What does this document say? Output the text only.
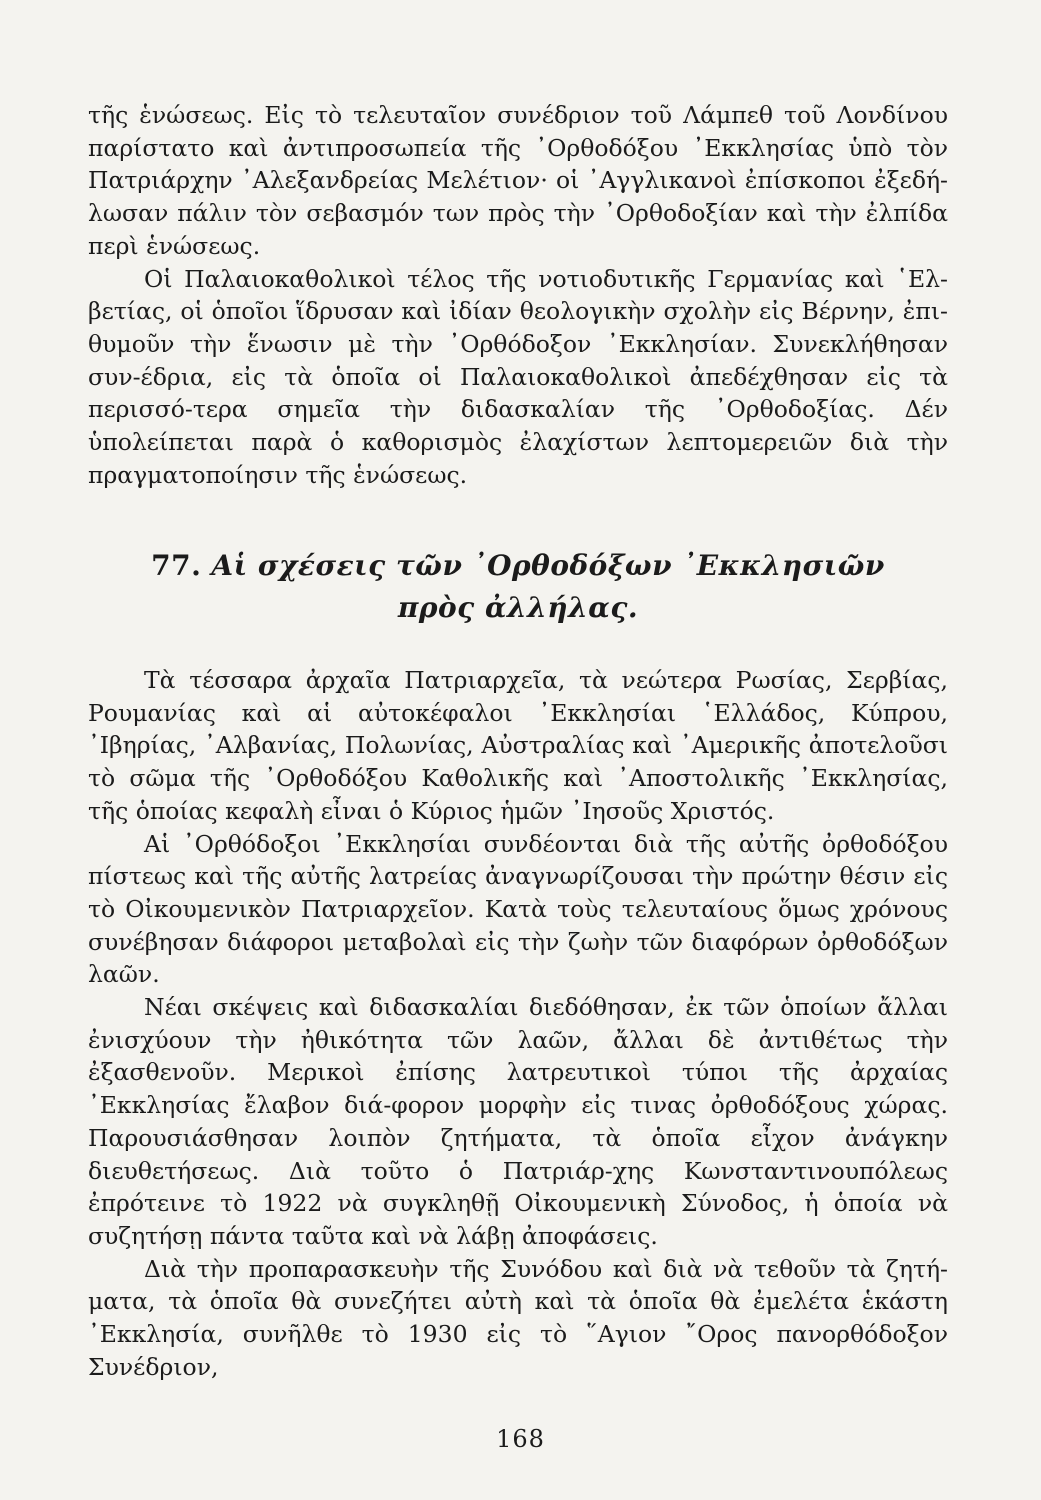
τῆς ἑνώσεως. Εἰς τὸ τελευταῖον συνέδριον τοῦ Λάμπεθ τοῦ Λονδίνου παρίστατο καὶ ἀντιπροσωπεία τῆς ᾿Ορθοδόξου ᾿Εκκλησίας ὑπὸ τὸν Πατριάρχην ᾿Αλεξανδρείας Μελέτιον· οἱ ᾿Αγγλικανοὶ ἐπίσκοποι ἐξεδή-λωσαν πάλιν τὸν σεβασμόν των πρὸς τὴν ᾿Ορθοδοξίαν καὶ τὴν ἐλπίδα περὶ ἑνώσεως.

Οἱ Παλαιοκαθολικοὶ τέλος τῆς νοτιοδυτικῆς Γερμανίας καὶ ῾Ελ-βετίας, οἱ ὁποῖοι ἵδρυσαν καὶ ἰδίαν θεολογικὴν σχολὴν εἰς Βέρνην, ἐπι-θυμοῦν τὴν ἕνωσιν μὲ τὴν ᾿Ορθόδοξον ᾿Εκκλησίαν. Συνεκλήθησαν συν-έδρια, εἰς τὰ ὁποῖα οἱ Παλαιοκαθολικοὶ ἀπεδέχθησαν εἰς τὰ περισσό-τερα σημεῖα τὴν διδασκαλίαν τῆς ᾿Ορθοδοξίας. Δέν ὑπολείπεται παρὰ ὁ καθορισμὸς ἐλαχίστων λεπτομερειῶν διὰ τὴν πραγματοποίησιν τῆς ἑνώσεως.

77. Αἱ σχέσεις τῶν ᾿Ορθοδόξων ᾿Εκκλησιῶν
πρὸς ἀλλήλας.

Τὰ τέσσαρα ἀρχαῖα Πατριαρχεῖα, τὰ νεώτερα Ρωσίας, Σερβίας, Ρουμανίας καὶ αἱ αὐτοκέφαλοι ᾿Εκκλησίαι ῾Ελλάδος, Κύπρου, ᾿Ιβηρίας, ᾿Αλβανίας, Πολωνίας, Αὐστραλίας καὶ ᾿Αμερικῆς ἀποτελοῦσι τὸ σῶμα τῆς ᾿Ορθοδόξου Καθολικῆς καὶ ᾿Αποστολικῆς ᾿Εκκλησίας, τῆς ὁποίας κεφαλὴ εἶναι ὁ Κύριος ἡμῶν ᾿Ιησοῦς Χριστός.

Αἱ ᾿Ορθόδοξοι ᾿Εκκλησίαι συνδέονται διὰ τῆς αὐτῆς ὀρθοδόξου πίστεως καὶ τῆς αὐτῆς λατρείας ἀναγνωρίζουσαι τὴν πρώτην θέσιν εἰς τὸ Οἰκουμενικὸν Πατριαρχεῖον. Κατὰ τοὺς τελευταίους ὅμως χρόνους συνέβησαν διάφοροι μεταβολαὶ εἰς τὴν ζωὴν τῶν διαφόρων ὀρθοδόξων λαῶν.

Νέαι σκέψεις καὶ διδασκαλίαι διεδόθησαν, ἐκ τῶν ὁποίων ἄλλαι ἐνισχύουν τὴν ἠθικότητα τῶν λαῶν, ἄλλαι δὲ ἀντιθέτως τὴν ἐξασθενοῦν. Μερικοὶ ἐπίσης λατρευτικοὶ τύποι τῆς ἀρχαίας ᾿Εκκλησίας ἔλαβον διά-φορον μορφὴν εἰς τινας ὀρθοδόξους χώρας. Παρουσιάσθησαν λοιπὸν ζητήματα, τὰ ὁποῖα εἶχον ἀνάγκην διευθετήσεως. Διὰ τοῦτο ὁ Πατριάρ-χης Κωνσταντινουπόλεως ἐπρότεινε τὸ 1922 νὰ συγκληθῇ Οἰκουμενικὴ Σύνοδος, ἡ ὁποία νὰ συζητήσῃ πάντα ταῦτα καὶ νὰ λάβῃ ἀποφάσεις.

Διὰ τὴν προπαρασκευὴν τῆς Συνόδου καὶ διὰ νὰ τεθοῦν τὰ ζητή-ματα, τὰ ὁποῖα θὰ συνεζήτει αὐτὴ καὶ τὰ ὁποῖα θὰ ἐμελέτα ἑκάστη ᾿Εκκλησία, συνῆλθε τὸ 1930 εἰς τὸ ῞Αγιον ῎Ορος πανορθόδοξον Συνέδριον,

168
